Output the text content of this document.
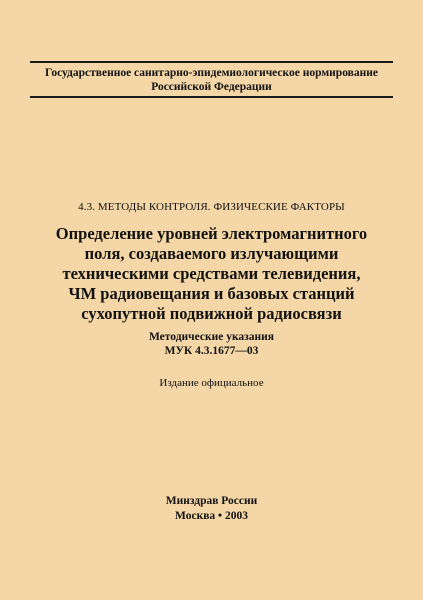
Государственное санитарно-эпидемиологическое нормирование
Российской Федерации
4.3. МЕТОДЫ КОНТРОЛЯ. ФИЗИЧЕСКИЕ ФАКТОРЫ
Определение уровней электромагнитного
поля, создаваемого излучающими
техническими средствами телевидения,
ЧМ радиовещания и базовых станций
сухопутной подвижной радиосвязи
Методические указания
МУК 4.3.1677—03
Издание официальное
Минздрав России
Москва • 2003
